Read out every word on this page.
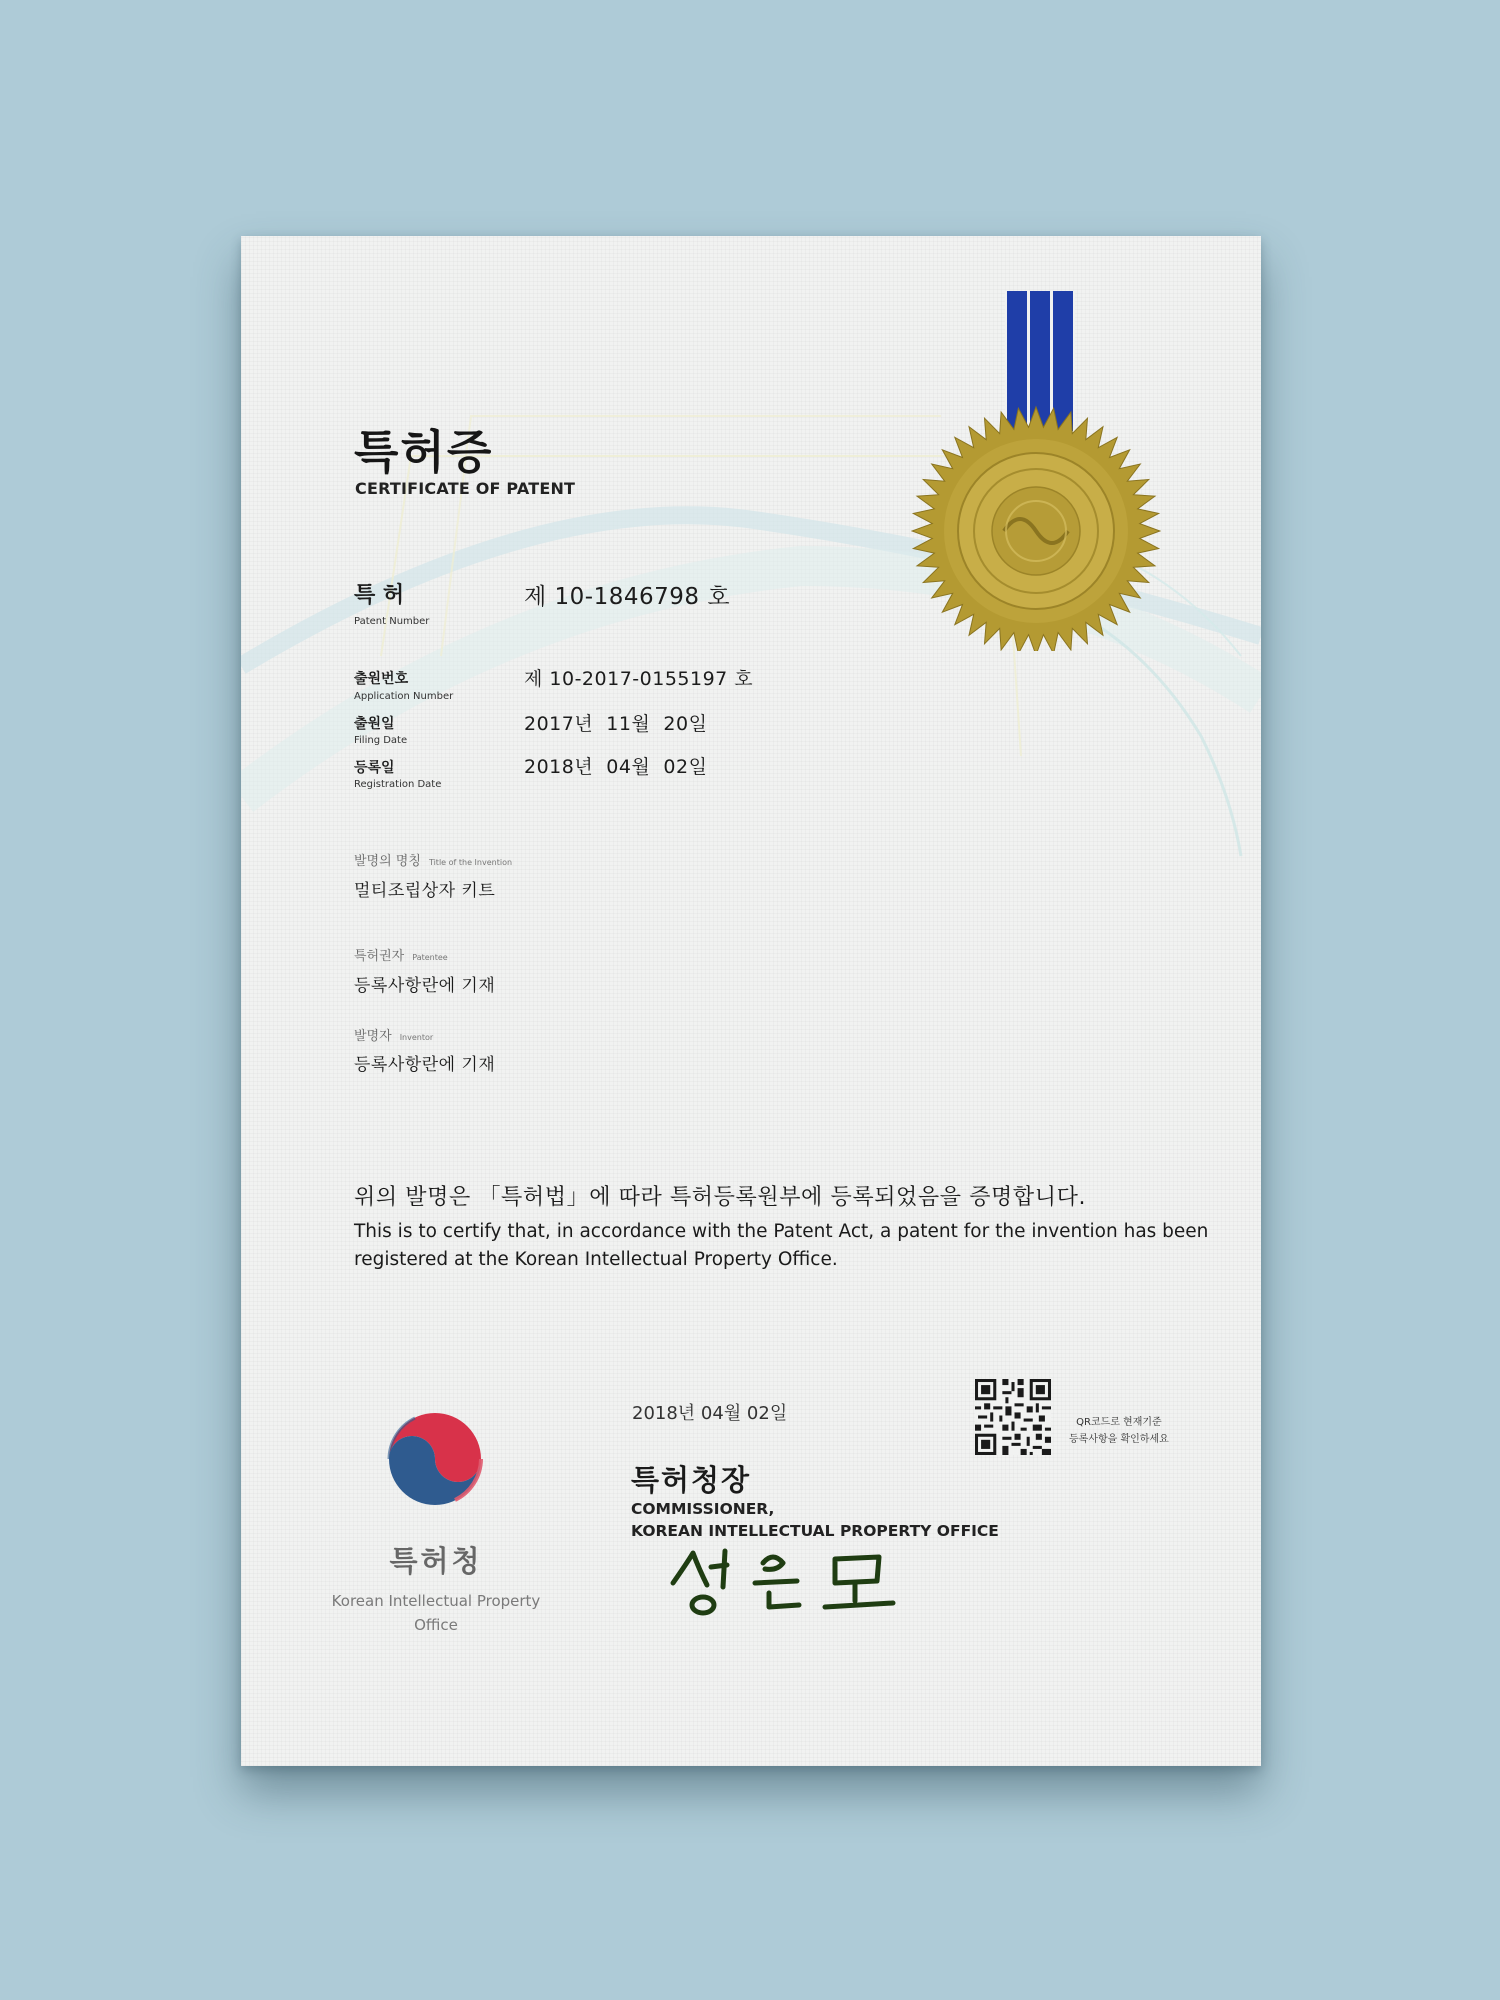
특허증
CERTIFICATE OF PATENT
특 허
Patent Number
제 10-1846798 호
출원번호
Application Number
제 10-2017-0155197 호
출원일
Filing Date
2017년  11월  20일
등록일
Registration Date
2018년  04월  02일
발명의 명칭 Title of the Invention
멀티조립상자 키트
특허권자 Patentee
등록사항란에 기재
발명자 Inventor
등록사항란에 기재
위의 발명은 「특허법」에 따라 특허등록원부에 등록되었음을 증명합니다.
This is to certify that, in accordance with the Patent Act, a patent for the invention has been registered at the Korean Intellectual Property Office.
2018년 04월 02일	QR코드로 현재기준
등록사항을 확인하세요
특허청장
COMMISSIONER,
KOREAN INTELLECTUAL PROPERTY OFFICE
특허청
Korean Intellectual Property Office
